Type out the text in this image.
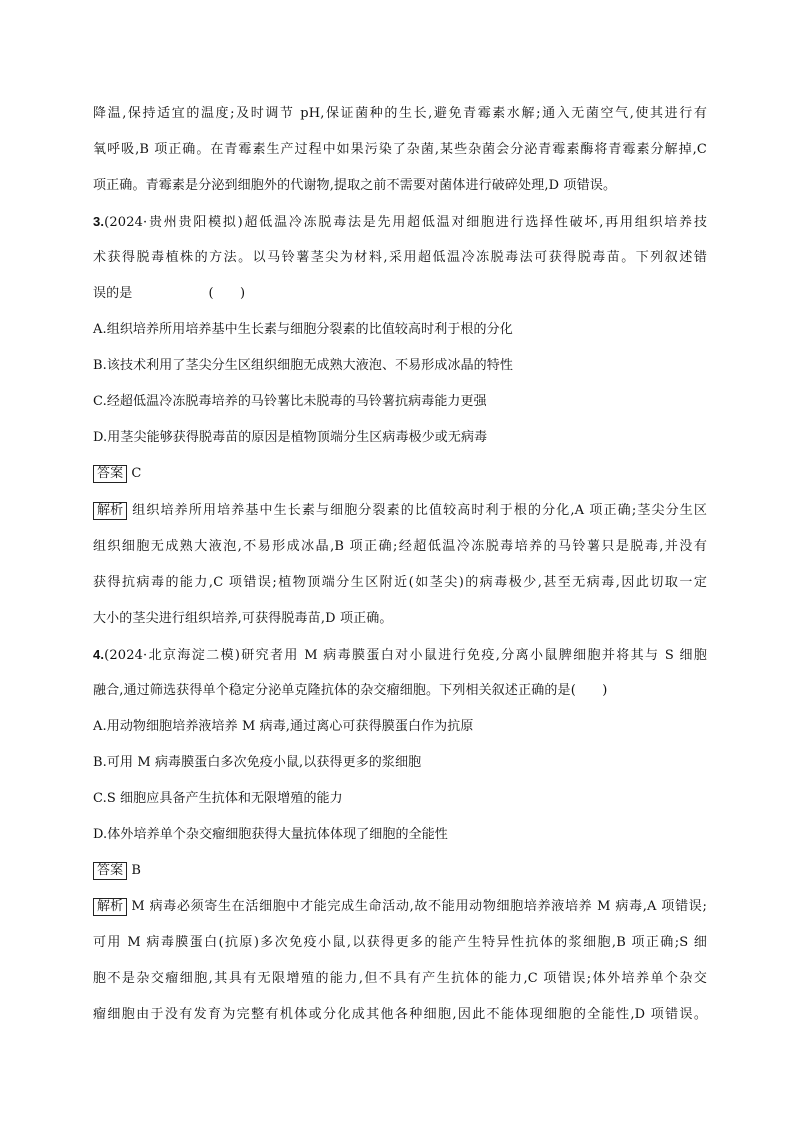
降温,保持适宜的温度;及时调节 pH,保证菌种的生长,避免青霉素水解;通入无菌空气,使其进行有
氧呼吸,B 项正确。在青霉素生产过程中如果污染了杂菌,某些杂菌会分泌青霉素酶将青霉素分解掉,C
项正确。青霉素是分泌到细胞外的代谢物,提取之前不需要对菌体进行破碎处理,D 项错误。
3.(2024·贵州贵阳模拟)超低温冷冻脱毒法是先用超低温对细胞进行选择性破坏,再用组织培养技
术获得脱毒植株的方法。以马铃薯茎尖为材料,采用超低温冷冻脱毒法可获得脱毒苗。下列叙述错
误的是	(　　)
A.组织培养所用培养基中生长素与细胞分裂素的比值较高时利于根的分化
B.该技术利用了茎尖分生区组织细胞无成熟大液泡、不易形成冰晶的特性
C.经超低温冷冻脱毒培养的马铃薯比未脱毒的马铃薯抗病毒能力更强
D.用茎尖能够获得脱毒苗的原因是植物顶端分生区病毒极少或无病毒
答案 C
解析 组织培养所用培养基中生长素与细胞分裂素的比值较高时利于根的分化,A 项正确;茎尖分生区
组织细胞无成熟大液泡,不易形成冰晶,B 项正确;经超低温冷冻脱毒培养的马铃薯只是脱毒,并没有
获得抗病毒的能力,C 项错误;植物顶端分生区附近(如茎尖)的病毒极少,甚至无病毒,因此切取一定
大小的茎尖进行组织培养,可获得脱毒苗,D 项正确。
4.(2024·北京海淀二模)研究者用 M 病毒膜蛋白对小鼠进行免疫,分离小鼠脾细胞并将其与 S 细胞
融合,通过筛选获得单个稳定分泌单克隆抗体的杂交瘤细胞。下列相关叙述正确的是(　　)
A.用动物细胞培养液培养 M 病毒,通过离心可获得膜蛋白作为抗原
B.可用 M 病毒膜蛋白多次免疫小鼠,以获得更多的浆细胞
C.S 细胞应具备产生抗体和无限增殖的能力
D.体外培养单个杂交瘤细胞获得大量抗体体现了细胞的全能性
答案 B
解析 M 病毒必须寄生在活细胞中才能完成生命活动,故不能用动物细胞培养液培养 M 病毒,A 项错误;
可用 M 病毒膜蛋白(抗原)多次免疫小鼠,以获得更多的能产生特异性抗体的浆细胞,B 项正确;S 细
胞不是杂交瘤细胞,其具有无限增殖的能力,但不具有产生抗体的能力,C 项错误;体外培养单个杂交
瘤细胞由于没有发育为完整有机体或分化成其他各种细胞,因此不能体现细胞的全能性,D 项错误。
